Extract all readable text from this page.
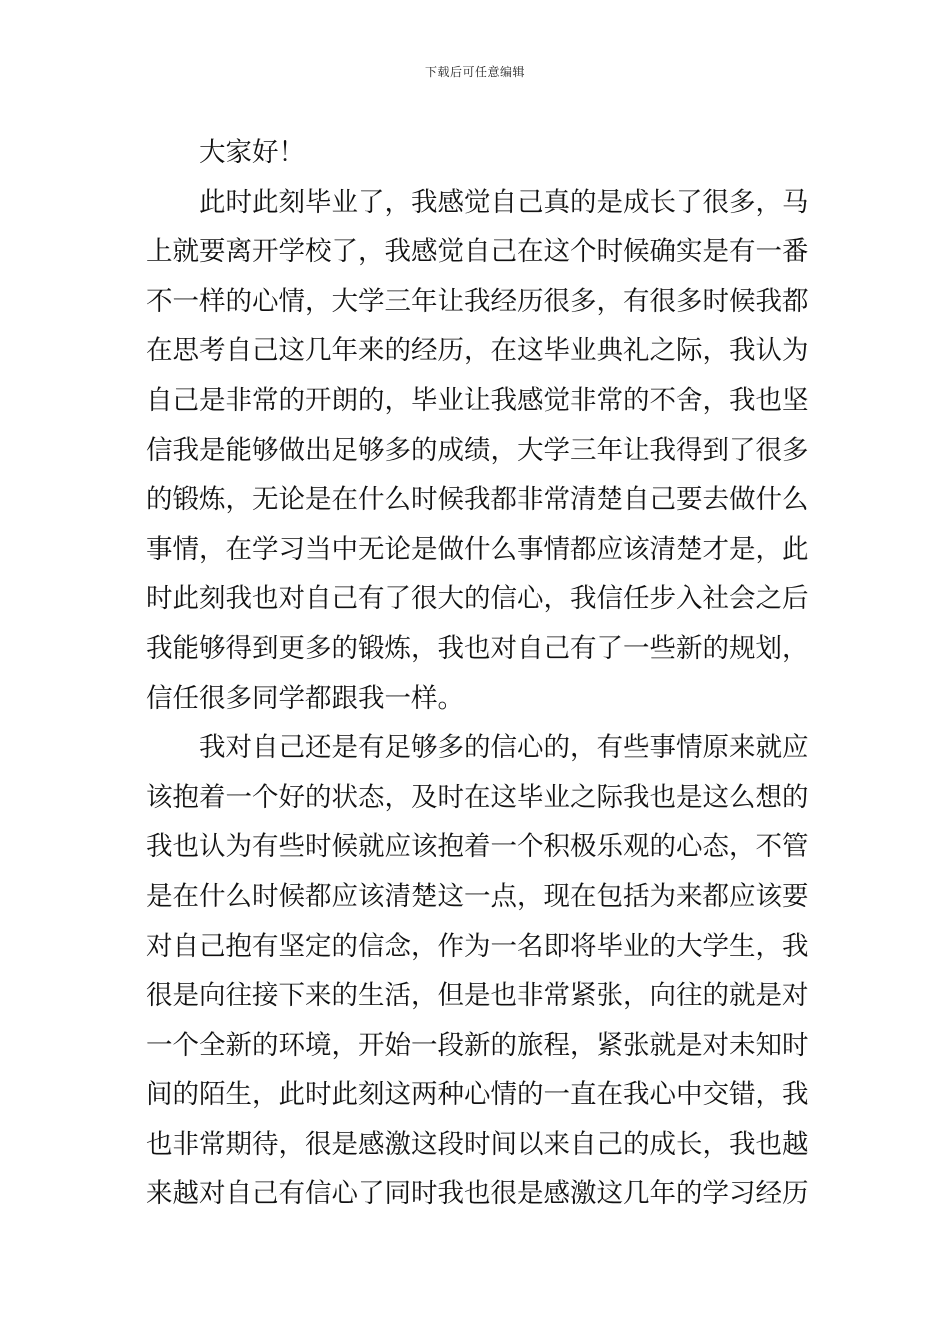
下载后可任意编辑
大家好！
此时此刻毕业了，我感觉自己真的是成长了很多，马
上就要离开学校了，我感觉自己在这个时候确实是有一番
不一样的心情，大学三年让我经历很多，有很多时候我都
在思考自己这几年来的经历，在这毕业典礼之际，我认为
自己是非常的开朗的，毕业让我感觉非常的不舍，我也坚
信我是能够做出足够多的成绩，大学三年让我得到了很多
的锻炼，无论是在什么时候我都非常清楚自己要去做什么
事情，在学习当中无论是做什么事情都应该清楚才是，此
时此刻我也对自己有了很大的信心，我信任步入社会之后
我能够得到更多的锻炼，我也对自己有了一些新的规划，
信任很多同学都跟我一样。
我对自己还是有足够多的信心的，有些事情原来就应
该抱着一个好的状态，及时在这毕业之际我也是这么想的
我也认为有些时候就应该抱着一个积极乐观的心态，不管
是在什么时候都应该清楚这一点，现在包括为来都应该要
对自己抱有坚定的信念，作为一名即将毕业的大学生，我
很是向往接下来的生活，但是也非常紧张，向往的就是对
一个全新的环境，开始一段新的旅程，紧张就是对未知时
间的陌生，此时此刻这两种心情的一直在我心中交错，我
也非常期待，很是感激这段时间以来自己的成长，我也越
来越对自己有信心了同时我也很是感激这几年的学习经历
